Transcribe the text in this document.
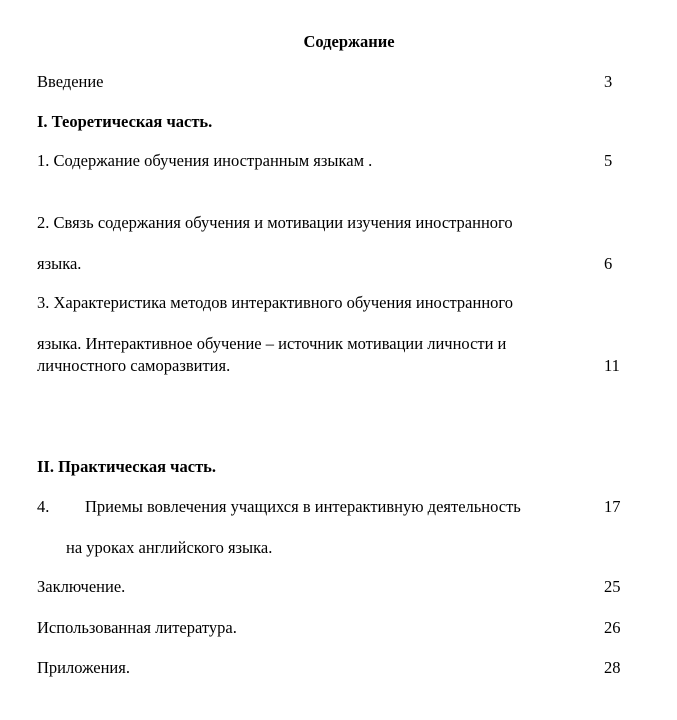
Содержание
Введение	3
I. Теоретическая часть.
1. Содержание обучения иностранным языкам .	5
2. Связь содержания обучения и мотивации изучения иностранного
языка.	6
3. Характеристика методов интерактивного обучения иностранного
языка. Интерактивное обучение – источник мотивации личности и
личностного саморазвития.	11
II. Практическая часть.
4. Приемы вовлечения учащихся в интерактивную деятельность	17
на уроках английского языка.
Заключение.	25
Использованная литература.	26
Приложения.	28
